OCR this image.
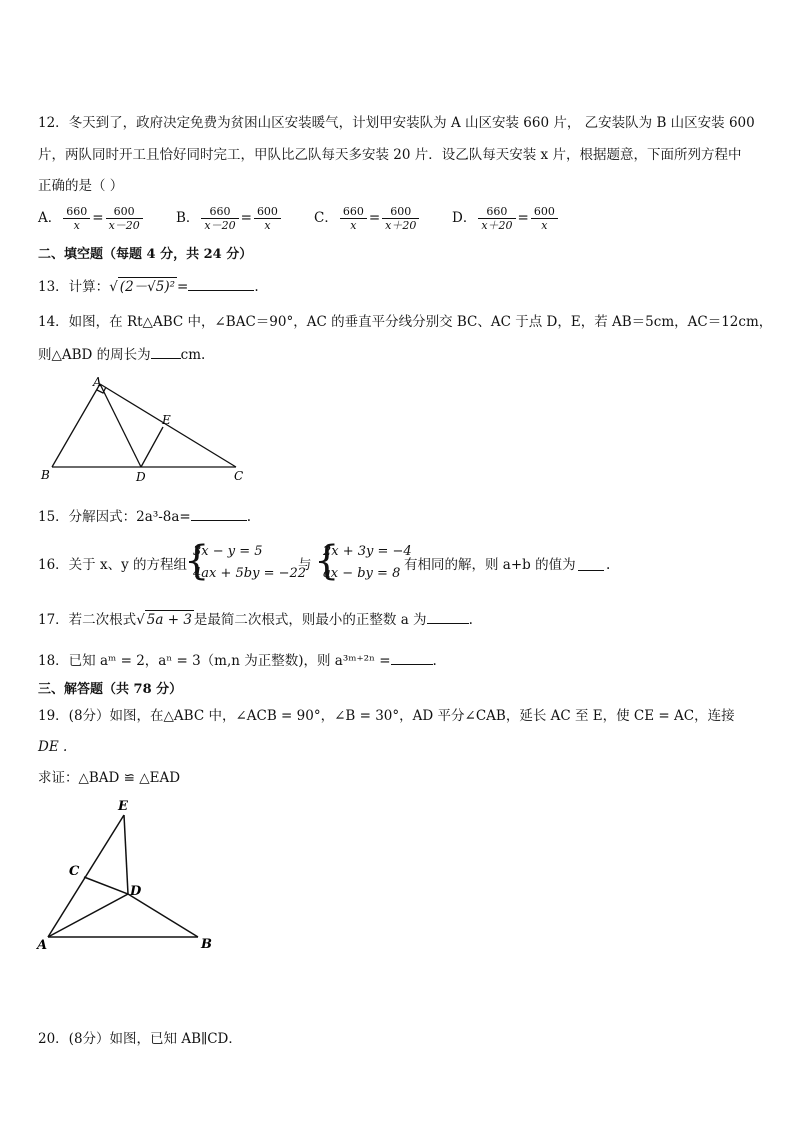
12．冬天到了，政府决定免费为贫困山区安装暖气，计划甲安装队为 A 山区安装 660 片， 乙安装队为 B 山区安装 600
片，两队同时开工且恰好同时完工，甲队比乙队每天多安装 20 片．设乙队每天安装 x 片，根据题意，下面所列方程中
正确的是（ ）
A． $\frac{660}{x} = \frac{600}{x-20}$ B． $\frac{660}{x-20} = \frac{600}{x}$ C． $\frac{660}{x} = \frac{600}{x+20}$ D． $\frac{660}{x+20} = \frac{600}{x}$
二、填空题（每题 4 分，共 24 分）
13．计算：√ (2－√5)² =	.
14．如图，在 Rt△ABC 中，∠BAC＝90°，AC 的垂直平分线分别交 BC、AC 于点 D，E，若 AB＝5cm，AC＝12cm，
则△ABD 的周长为 cm.
A
B	C
D
E
15．分解因式：2a³-8a=	.
16．关于 x、y 的方程组
{
3x − y = 5
4ax + 5by = −22
与 {
2x + 3y = −4
ax − by = 8
有相同的解，则 a+b 的值为 .
17．若二次根式√ 5a + 3 是最简二次根式，则最小的正整数 a 为	.
18．已知 aᵐ = 2，aⁿ = 3（m,n 为正整数)，则 a³ᵐ⁺²ⁿ =	.
三、解答题（共 78 分）
19．(8分）如图，在△ABC 中，∠ACB = 90°，∠B = 30°，AD 平分∠CAB，延长 AC 至 E，使 CE = AC，连接
DE .
求证：△BAD ≌ △EAD
E
C
D
A	B
20．(8分）如图，已知 AB∥CD．
